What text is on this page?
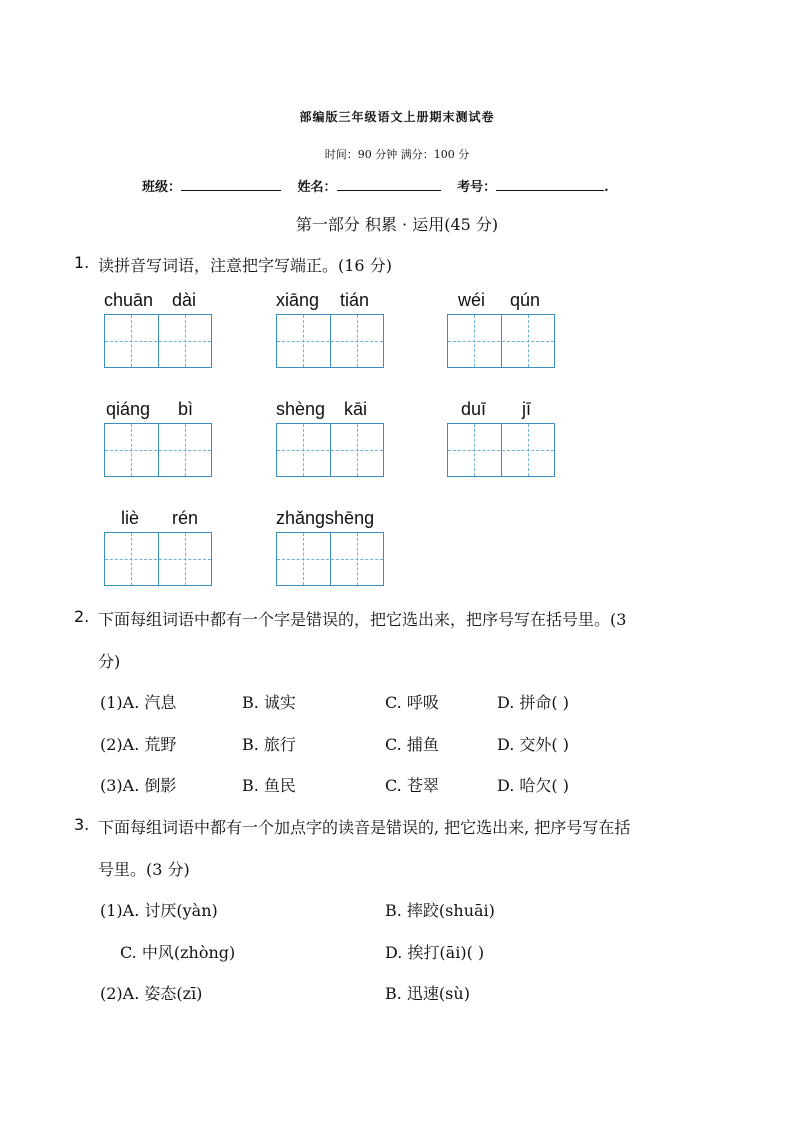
部编版三年级语文上册期末测试卷
时间：90 分钟 满分：100 分
班级：	姓名：	考号：	.
第一部分 积累 · 运用(45 分)
1. 读拼音写词语，注意把字写端正。(16 分)
chuān dài	xiāng tián	wéi qún
qiáng bì	shèng kāi	duī jī
liè rén	zhǎngshēng
2. 下面每组词语中都有一个字是错误的，把它选出来，把序号写在括号里。(3
分)
(1)A. 汽息	B. 诚实	C. 呼吸	D. 拼命( )
(2)A. 荒野	B. 旅行	C. 捕鱼	D. 交外( )
(3)A. 倒影	B. 鱼民	C. 苍翠	D. 哈欠( )
3. 下面每组词语中都有一个加点字的读音是错误的, 把它选出来, 把序号写在括
号里。(3 分)
(1)A. 讨厌(yàn)	B. 摔跤(shuāi)
C. 中风(zhòng)	D. 挨打(āi)( )
(2)A. 姿态(zī)	B. 迅速(sù)
